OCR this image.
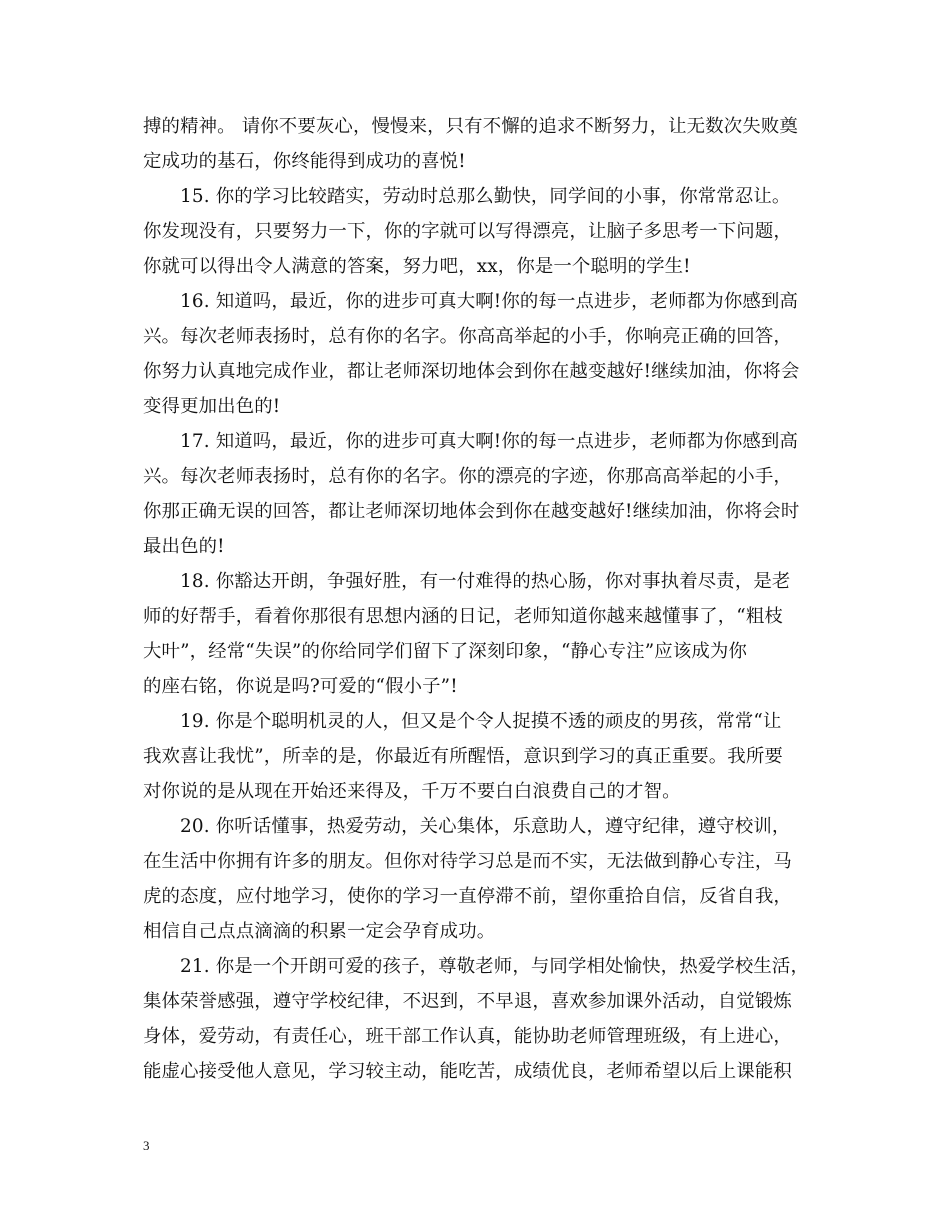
搏的精神。 请你不要灰心，慢慢来，只有不懈的追求不断努力，让无数次失败奠
定成功的基石，你终能得到成功的喜悦!
15. 你的学习比较踏实，劳动时总那么勤快，同学间的小事，你常常忍让。
你发现没有，只要努力一下，你的字就可以写得漂亮，让脑子多思考一下问题，
你就可以得出令人满意的答案，努力吧，xx，你是一个聪明的学生!
16. 知道吗，最近，你的进步可真大啊!你的每一点进步，老师都为你感到高
兴。每次老师表扬时，总有你的名字。你高高举起的小手，你响亮正确的回答，
你努力认真地完成作业，都让老师深切地体会到你在越变越好!继续加油，你将会
变得更加出色的!
17. 知道吗，最近，你的进步可真大啊!你的每一点进步，老师都为你感到高
兴。每次老师表扬时，总有你的名字。你的漂亮的字迹，你那高高举起的小手，
你那正确无误的回答，都让老师深切地体会到你在越变越好!继续加油，你将会时
最出色的!
18. 你豁达开朗，争强好胜，有一付难得的热心肠，你对事执着尽责，是老
师的好帮手，看着你那很有思想内涵的日记，老师知道你越来越懂事了，“粗枝
大叶”，经常“失误”的你给同学们留下了深刻印象，“静心专注”应该成为你
的座右铭，你说是吗?可爱的“假小子”!
19. 你是个聪明机灵的人，但又是个令人捉摸不透的顽皮的男孩，常常“让
我欢喜让我忧”，所幸的是，你最近有所醒悟，意识到学习的真正重要。我所要
对你说的是从现在开始还来得及，千万不要白白浪费自己的才智。
20. 你听话懂事，热爱劳动，关心集体，乐意助人，遵守纪律，遵守校训，
在生活中你拥有许多的朋友。但你对待学习总是而不实，无法做到静心专注，马
虎的态度，应付地学习，使你的学习一直停滞不前，望你重拾自信，反省自我，
相信自己点点滴滴的积累一定会孕育成功。
21. 你是一个开朗可爱的孩子，尊敬老师，与同学相处愉快，热爱学校生活，
集体荣誉感强，遵守学校纪律，不迟到，不早退，喜欢参加课外活动，自觉锻炼
身体，爱劳动，有责任心，班干部工作认真，能协助老师管理班级，有上进心，
能虚心接受他人意见，学习较主动，能吃苦，成绩优良，老师希望以后上课能积
3
